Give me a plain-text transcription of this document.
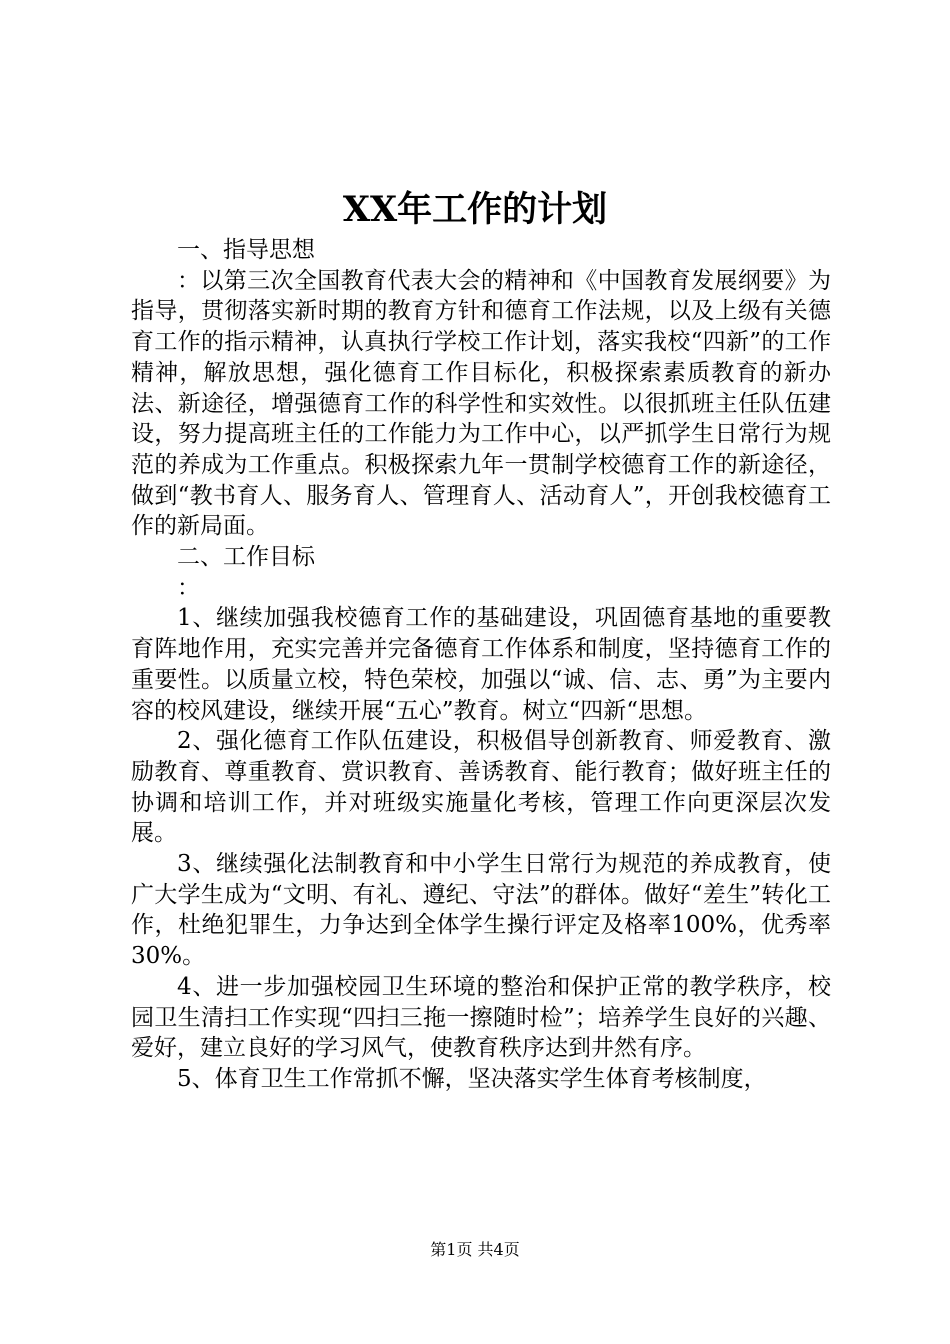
XX年工作的计划

一、指导思想

：以第三次全国教育代表大会的精神和《中国教育发展纲要》为指导，贯彻落实新时期的教育方针和德育工作法规，以及上级有关德育工作的指示精神，认真执行学校工作计划，落实我校“四新”的工作精神，解放思想，强化德育工作目标化，积极探索素质教育的新办法、新途径，增强德育工作的科学性和实效性。以很抓班主任队伍建设，努力提高班主任的工作能力为工作中心，以严抓学生日常行为规范的养成为工作重点。积极探索九年一贯制学校德育工作的新途径，做到“教书育人、服务育人、管理育人、活动育人”，开创我校德育工作的新局面。

二、工作目标

：

1、继续加强我校德育工作的基础建设，巩固德育基地的重要教育阵地作用，充实完善并完备德育工作体系和制度，坚持德育工作的重要性。以质量立校，特色荣校，加强以“诚、信、志、勇”为主要内容的校风建设，继续开展“五心”教育。树立“四新“思想。

2、强化德育工作队伍建设，积极倡导创新教育、师爱教育、激励教育、尊重教育、赏识教育、善诱教育、能行教育；做好班主任的协调和培训工作，并对班级实施量化考核，管理工作向更深层次发展。

3、继续强化法制教育和中小学生日常行为规范的养成教育，使广大学生成为“文明、有礼、遵纪、守法”的群体。做好“差生”转化工作，杜绝犯罪生，力争达到全体学生操行评定及格率100%，优秀率30%。

4、进一步加强校园卫生环境的整治和保护正常的教学秩序，校园卫生清扫工作实现“四扫三拖一擦随时检”；培养学生良好的兴趣、爱好，建立良好的学习风气，使教育秩序达到井然有序。

5、体育卫生工作常抓不懈，坚决落实学生体育考核制度，

第1页 共4页
